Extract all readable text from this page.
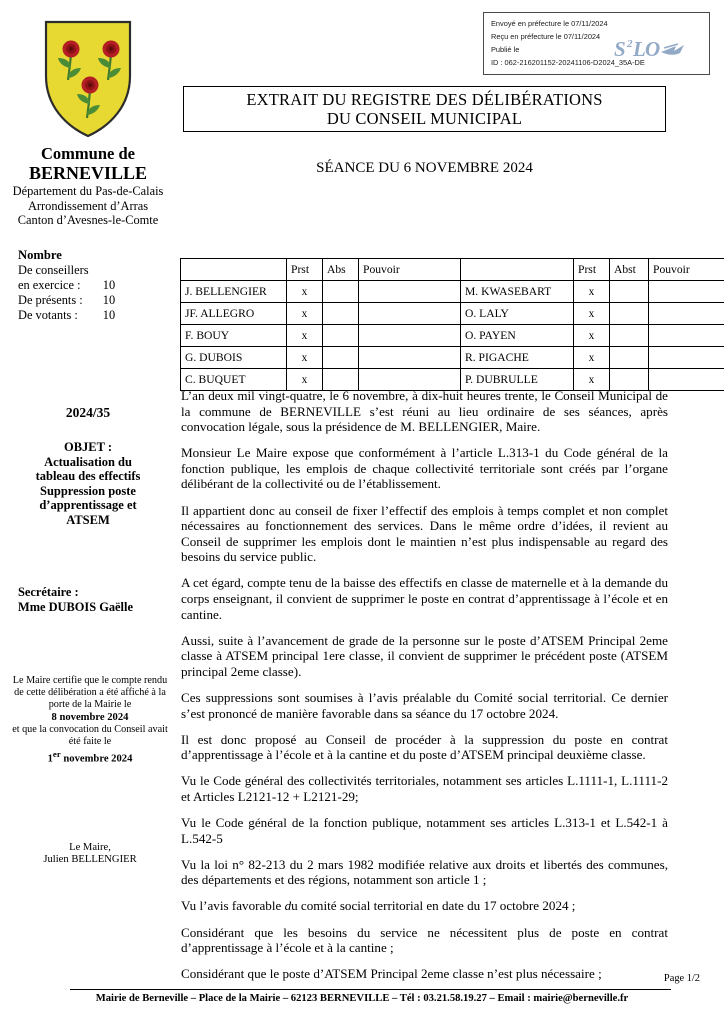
Envoyé en préfecture le 07/11/2024
Reçu en préfecture le 07/11/2024
Publié le
ID : 062-216201152-20241106-D2024_35A-DE
S 2 L O
EXTRAIT DU REGISTRE DES DÉLIBÉRATIONS
DU CONSEIL MUNICIPAL
SÉANCE DU 6 NOVEMBRE 2024
Commune de
BERNEVILLE
Département du Pas-de-Calais
Arrondissement d’Arras
Canton d’Avesnes-le-Comte
Nombre
De conseillers
en exercice :	10
De présents :	10
De votants :	10
2024/35
OBJET :
Actualisation du
tableau des effectifs
Suppression poste
d’apprentissage et
ATSEM
Secrétaire :
Mme DUBOIS Gaëlle
Le Maire certifie que le compte rendu de cette délibération a été affiché à la porte de la Mairie le
8 novembre 2024
et que la convocation du Conseil avait été faite le
1er novembre 2024
Le Maire,
Julien BELLENGIER
	Prst	Abs	Pouvoir		Prst	Abst	Pouvoir
J. BELLENGIER	x			M. KWASEBART	x		
JF. ALLEGRO	x			O. LALY	x		
F. BOUY	x			O. PAYEN	x		
G. DUBOIS	x			R. PIGACHE	x		
C. BUQUET	x			P. DUBRULLE	x		

L’an deux mil vingt-quatre, le 6 novembre, à dix-huit heures trente, le Conseil Municipal de la commune de BERNEVILLE s’est réuni au lieu ordinaire de ses séances, après convocation légale, sous la présidence de M. BELLENGIER, Maire.

Monsieur Le Maire expose que conformément à l’article L.313-1 du Code général de la fonction publique, les emplois de chaque collectivité territoriale sont créés par l’organe délibérant de la collectivité ou de l’établissement.

Il appartient donc au conseil de fixer l’effectif des emplois à temps complet et non complet nécessaires au fonctionnement des services. Dans le même ordre d’idées, il revient au Conseil de supprimer les emplois dont le maintien n’est plus indispensable au regard des besoins du service public.

A cet égard, compte tenu de la baisse des effectifs en classe de maternelle et à la demande du corps enseignant, il convient de supprimer le poste en contrat d’apprentissage à l’école et en cantine.

Aussi, suite à l’avancement de grade de la personne sur le poste d’ATSEM Principal 2eme classe à ATSEM principal 1ere classe, il convient de supprimer le précédent poste (ATSEM principal 2eme classe).

Ces suppressions sont soumises à l’avis préalable du Comité social territorial. Ce dernier s’est prononcé de manière favorable dans sa séance du 17 octobre 2024.

Il est donc proposé au Conseil de procéder à la suppression du poste en contrat d’apprentissage à l’école et à la cantine et du poste d’ATSEM principal deuxième classe.

Vu le Code général des collectivités territoriales, notamment ses articles L.1111-1, L.1111-2 et Articles L2121-12 + L2121-29;

Vu le Code général de la fonction publique, notamment ses articles L.313-1 et L.542-1 à L.542-5

Vu la loi n° 82-213 du 2 mars 1982 modifiée relative aux droits et libertés des communes, des départements et des régions, notamment son article 1 ;

Vu l’avis favorable du comité social territorial en date du 17 octobre 2024 ;

Considérant que les besoins du service ne nécessitent plus de poste en contrat d’apprentissage à l’école et à la cantine ;

Considérant que le poste d’ATSEM Principal 2eme classe n’est plus nécessaire ;	Page 1/2
Mairie de Berneville – Place de la Mairie – 62123 BERNEVILLE – Tél : 03.21.58.19.27 – Email : mairie@berneville.fr
